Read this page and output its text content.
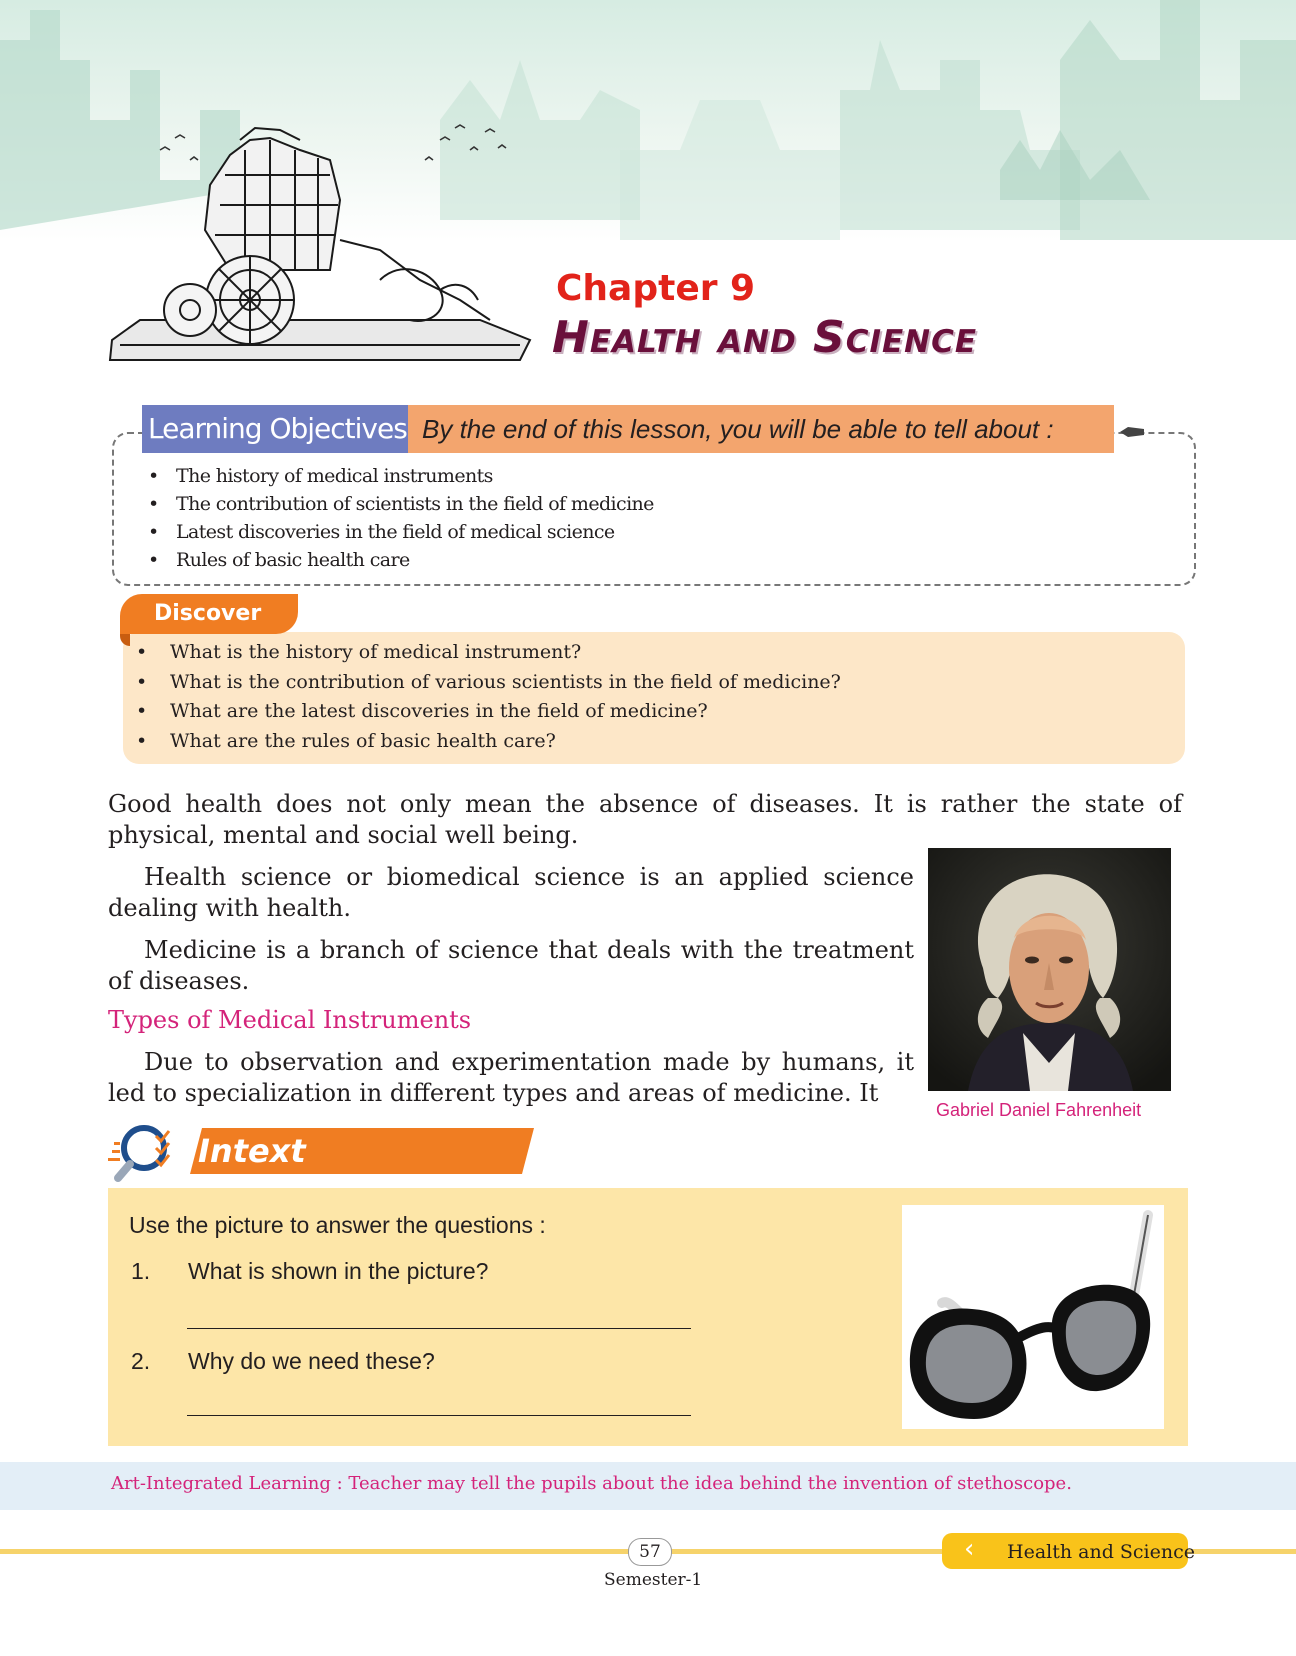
Chapter 9
Health and Science
Learning Objectives By the end of this lesson, you will be able to tell about :
• The history of medical instruments
• The contribution of scientists in the field of medicine
• Latest discoveries in the field of medical science
• Rules of basic health care
Discover
• What is the history of medical instrument?
• What is the contribution of various scientists in the field of medicine?
• What are the latest discoveries in the field of medicine?
• What are the rules of basic health care?
Good health does not only mean the absence of diseases. It is rather the state of physical, mental and social well being.
Health science or biomedical science is an applied science dealing with health.
Medicine is a branch of science that deals with the treatment of diseases.
Types of Medical Instruments
Due to observation and experimentation made by humans, it led to specialization in different types and areas of medicine. It
Gabriel Daniel Fahrenheit
Intext
Use the picture to answer the questions :
1. What is shown in the picture?
2. Why do we need these?
Art-Integrated Learning : Teacher may tell the pupils about the idea behind the invention of stethoscope.
57
Semester-1
‹ Health and Science
